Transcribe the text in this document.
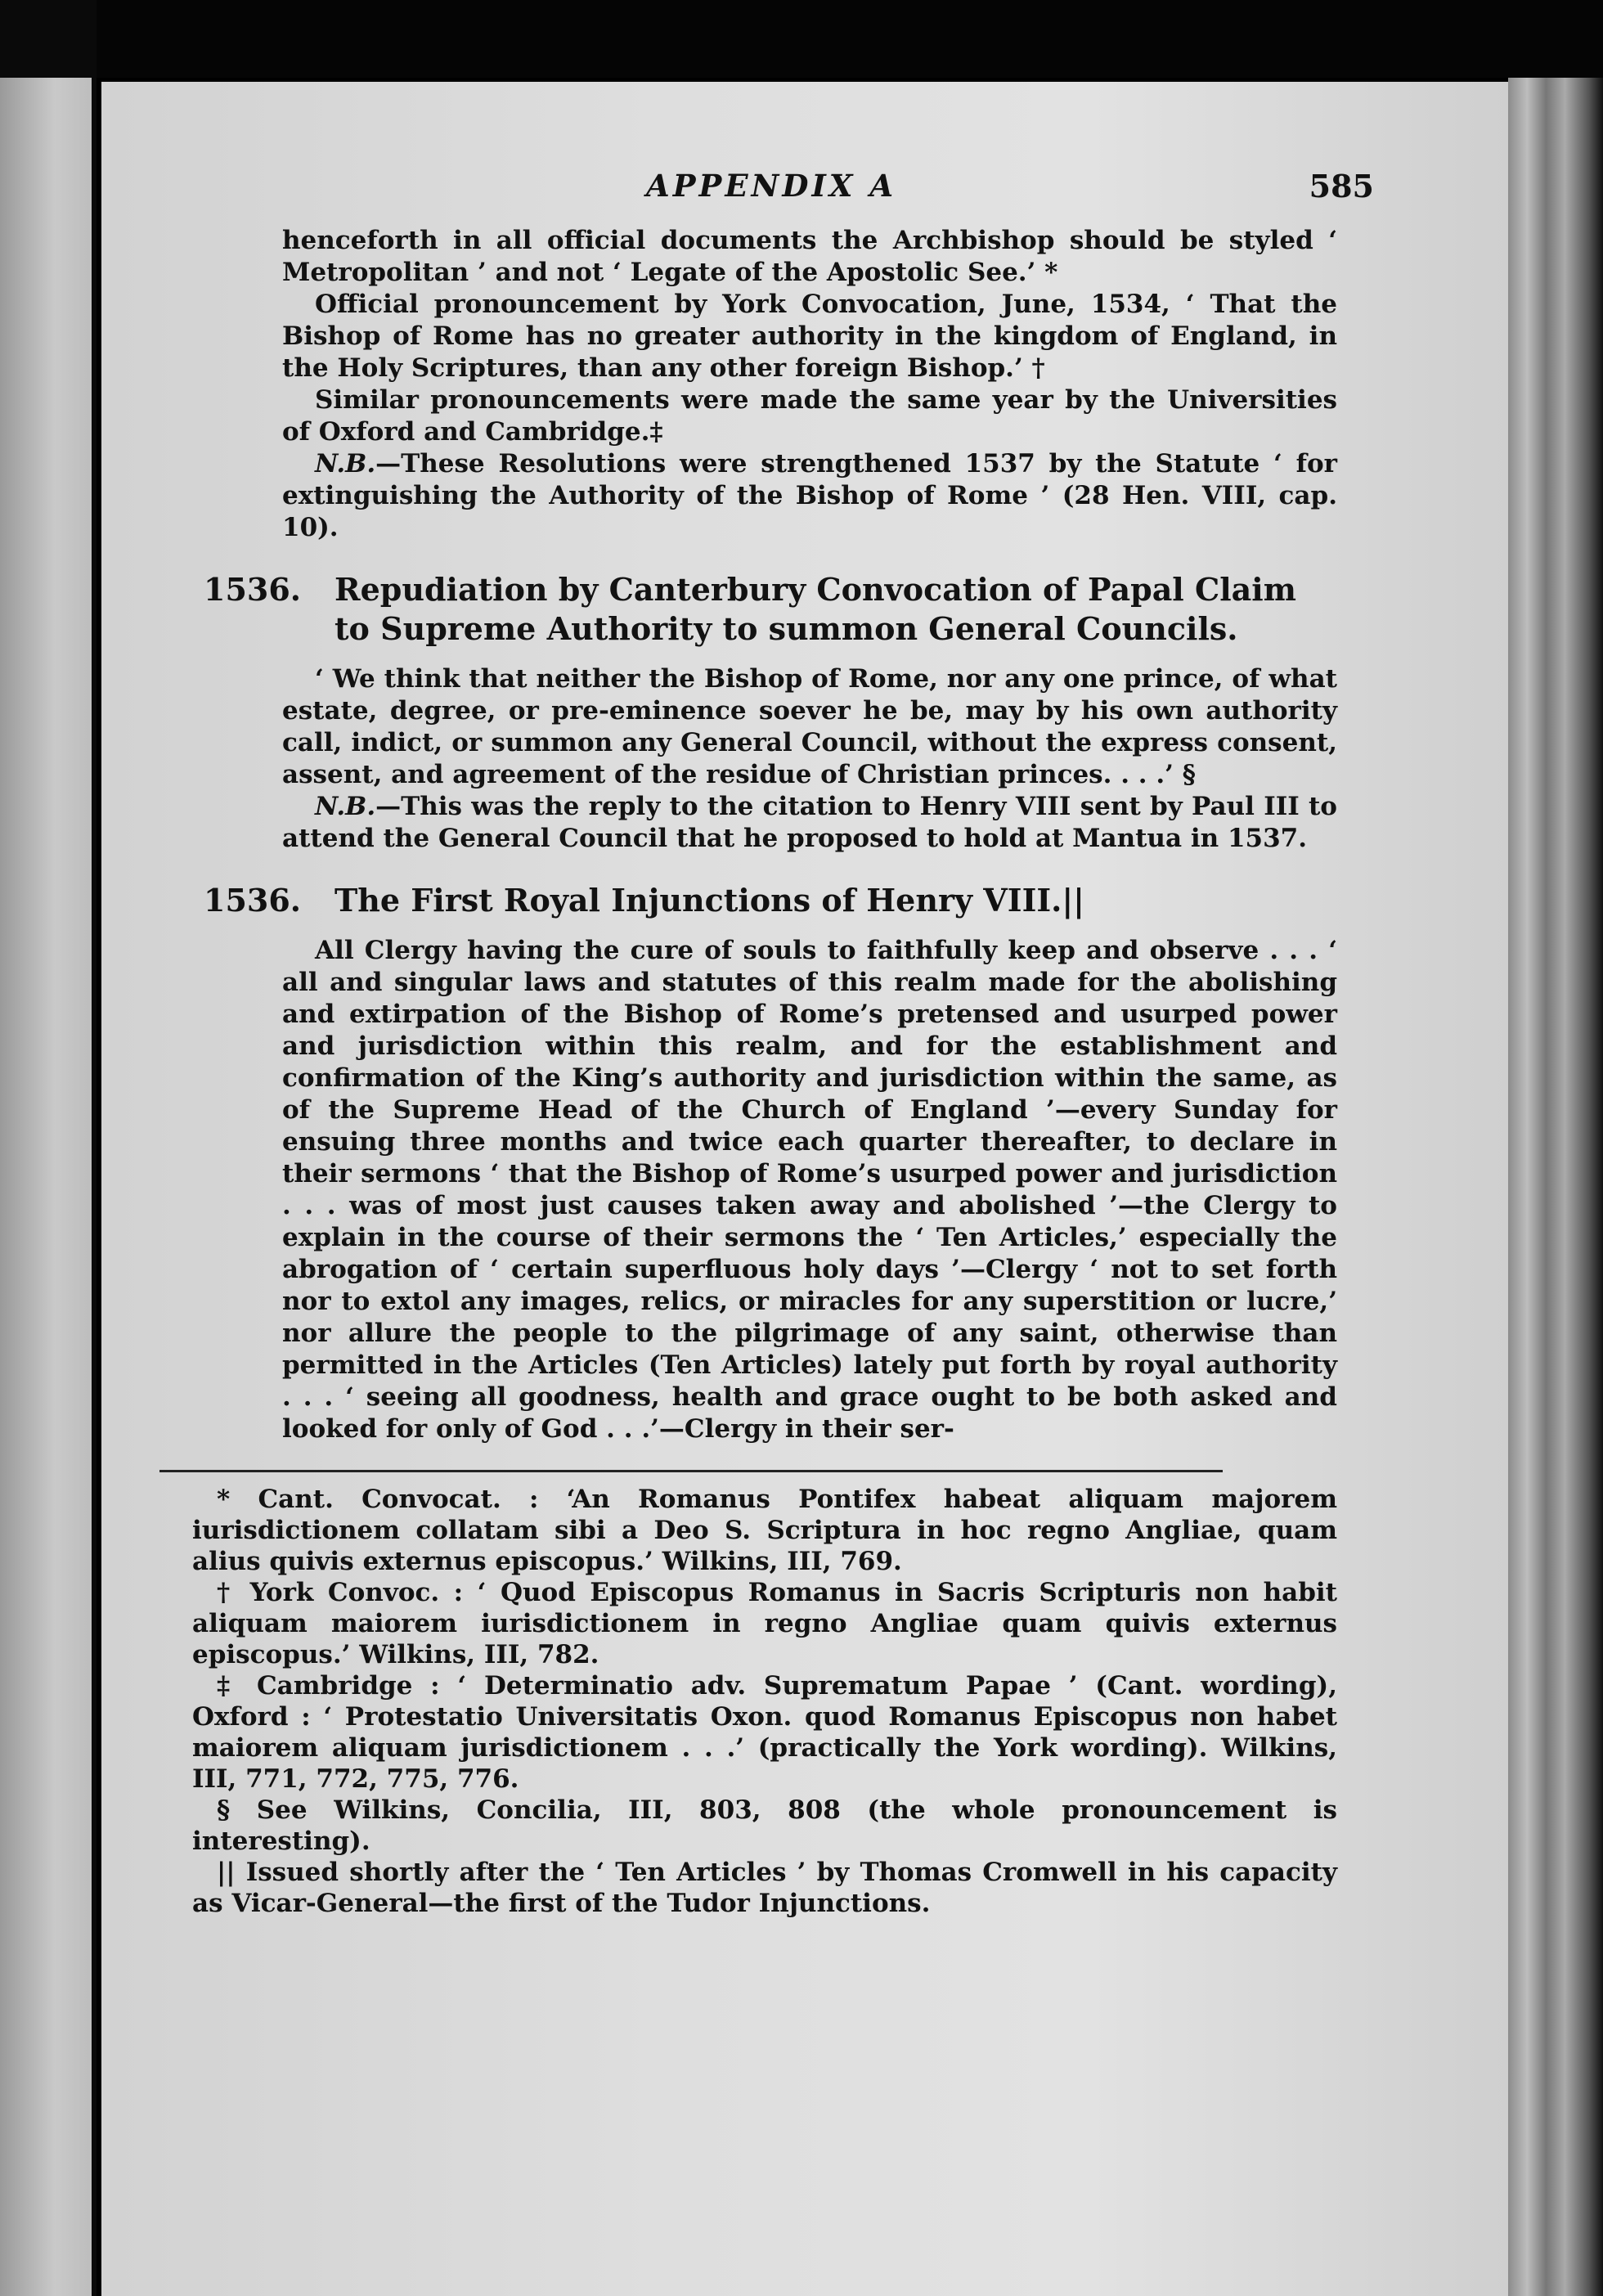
APPENDIX A	585

henceforth in all official documents the Archbishop should be styled ‘ Metropolitan ’ and not ‘ Legate of the Apostolic See.’ *

Official pronouncement by York Convocation, June, 1534, ‘ That the Bishop of Rome has no greater authority in the kingdom of England, in the Holy Scriptures, than any other foreign Bishop.’ †

Similar pronouncements were made the same year by the Universities of Oxford and Cambridge.‡

N.B.—These Resolutions were strengthened 1537 by the Statute ‘ for extinguishing the Authority of the Bishop of Rome ’ (28 Hen. VIII, cap. 10).

1536.	Repudiation by Canterbury Convocation of Papal Claim to Supreme Authority to summon General Councils.

‘ We think that neither the Bishop of Rome, nor any one prince, of what estate, degree, or pre-eminence soever he be, may by his own authority call, indict, or summon any General Council, without the express consent, assent, and agreement of the residue of Christian princes. . . .’ §

N.B.—This was the reply to the citation to Henry VIII sent by Paul III to attend the General Council that he proposed to hold at Mantua in 1537.

1536.	The First Royal Injunctions of Henry VIII.||

All Clergy having the cure of souls to faithfully keep and observe . . . ‘ all and singular laws and statutes of this realm made for the abolishing and extirpation of the Bishop of Rome’s pretensed and usurped power and jurisdiction within this realm, and for the establishment and confirmation of the King’s authority and jurisdiction within the same, as of the Supreme Head of the Church of England ’—every Sunday for ensuing three months and twice each quarter thereafter, to declare in their sermons ‘ that the Bishop of Rome’s usurped power and jurisdiction . . . was of most just causes taken away and abolished ’—the Clergy to explain in the course of their sermons the ‘ Ten Articles,’ especially the abrogation of ‘ certain superfluous holy days ’—Clergy ‘ not to set forth nor to extol any images, relics, or miracles for any superstition or lucre,’ nor allure the people to the pilgrimage of any saint, otherwise than permitted in the Articles (Ten Articles) lately put forth by royal authority . . . ‘ seeing all goodness, health and grace ought to be both asked and looked for only of God . . .’—Clergy in their ser-

* Cant. Convocat. : ‘An Romanus Pontifex habeat aliquam majorem iurisdictionem collatam sibi a Deo S. Scriptura in hoc regno Angliae, quam alius quivis externus episcopus.’ Wilkins, III, 769.

† York Convoc. : ‘ Quod Episcopus Romanus in Sacris Scripturis non habit aliquam maiorem iurisdictionem in regno Angliae quam quivis externus episcopus.’ Wilkins, III, 782.

‡ Cambridge : ‘ Determinatio adv. Suprematum Papae ’ (Cant. wording), Oxford : ‘ Protestatio Universitatis Oxon. quod Romanus Episcopus non habet maiorem aliquam jurisdictionem . . .’ (practically the York wording). Wilkins, III, 771, 772, 775, 776.

§ See Wilkins, Concilia, III, 803, 808 (the whole pronouncement is interesting).

|| Issued shortly after the ‘ Ten Articles ’ by Thomas Cromwell in his capacity as Vicar-General—the first of the Tudor Injunctions.
